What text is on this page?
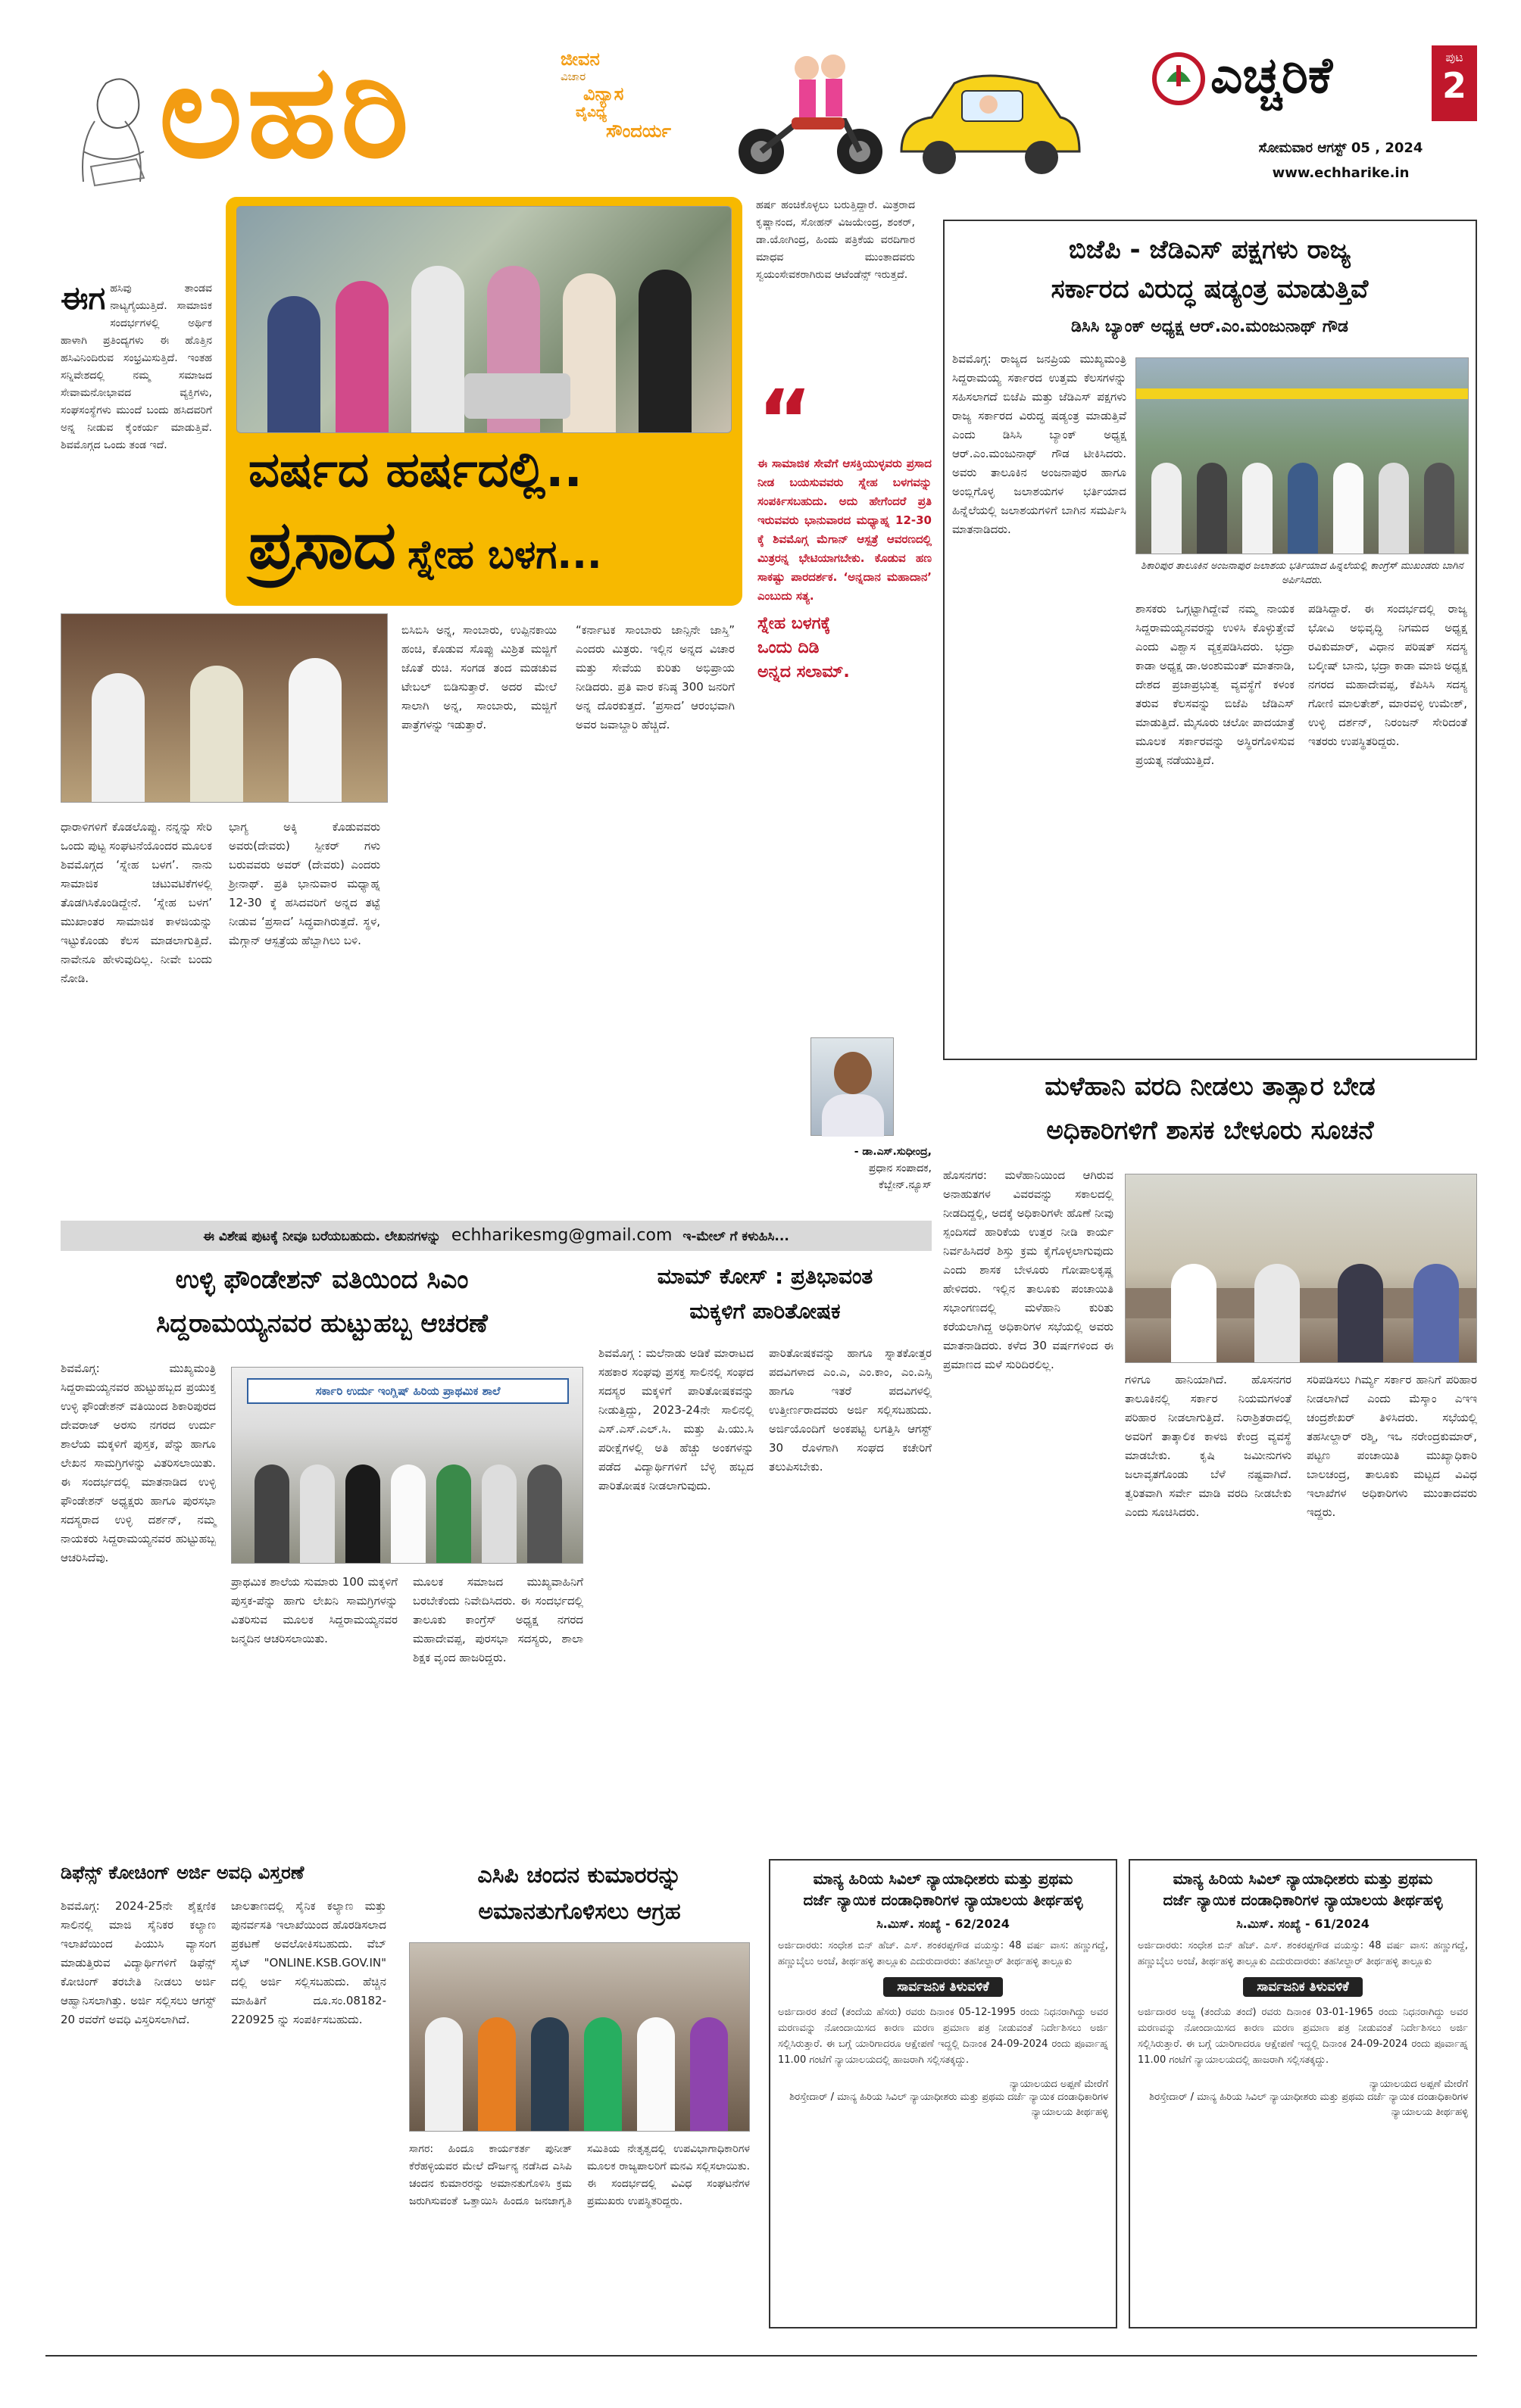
ಲಹರಿ	ಜೀವನ
ವಿಚಾರ
ವಿನ್ಯಾಸ
ವೈವಿಧ್ಯ
ಸೌಂದರ್ಯ
ಎಚ್ಚರಿಕೆ	ಪುಟ
2
ಸೋಮವಾರ ಆಗಸ್ಟ್ 05 , 2024
www.echharike.in
ವರ್ಷದ ಹರ್ಷದಲ್ಲಿ..
ಪ್ರಸಾದ ಸ್ನೇಹ ಬಳಗ...
ಈಗ ಹಸಿವು ತಾಂಡವ ನಾಟ್ಯಗೈಯುತ್ತಿದೆ. ಸಾಮಾಜಿಕ ಸಂದರ್ಭಗಳಲ್ಲಿ ಅರ್ಥಿಕ ಹಾಳಾಗಿ ಪ್ರತಿಂದ್ಯಗಳು ಈ ಹೊತ್ತಿನ ಹಸಿವಿನಿಂದಿರುವ ಸಂಭ್ರಮಿಸುತ್ತಿದೆ. ಇಂತಹ ಸನ್ನಿವೇಶದಲ್ಲಿ ನಮ್ಮ ಸಮಾಜದ ಸೇವಾಮನೋಭಾವದ ವ್ಯಕ್ತಿಗಳು, ಸಂಘಸಂಸ್ಥೆಗಳು ಮುಂದೆ ಬಂದು ಹಸಿದವರಿಗೆ ಅನ್ನ ನೀಡುವ ಕೈಂಕರ್ಯ ಮಾಡುತ್ತಿವೆ. ಶಿವಮೊಗ್ಗದ ಒಂದು ತಂಡ ಇದೆ.
ಹರ್ಷ ಹಂಚಿಕೊಳ್ಳಲು ಬರುತ್ತಿದ್ದಾರೆ. ಮಿತ್ರರಾದ ಕೃಷ್ಣಾನಂದ, ಸೋಹನ್ ವಿಜಯೇಂದ್ರ, ಶಂಕರ್, ಡಾ.ಯೋಗಿಂದ್ರ, ಹಿಂದು ಪತ್ರಿಕೆಯ ವರದಿಗಾರ ಮಾಧವ ಮುಂತಾದವರು ಸ್ವಯಂಸೇವಕರಾಗಿರುವ ಆಟೆಂಡೆನ್ಸ್ ಇರುತ್ತದೆ.
“
ಈ ಸಾಮಾಜಿಕ ಸೇವೆಗೆ ಆಸಕ್ತಿಯುಳ್ಳವರು ಪ್ರಸಾದ ನೀಡ ಬಯಸುವವರು ಸ್ನೇಹ ಬಳಗವನ್ನು ಸಂಪರ್ಕಿಸಬಹುದು. ಅದು ಹೇಗೆಂದರೆ ಪ್ರತಿ ಇರುವವರು ಭಾನುವಾರದ ಮಧ್ಯಾಹ್ನ 12-30 ಕ್ಕೆ ಶಿವಮೊಗ್ಗ ಮೆಗಾನ್ ಆಸ್ಪತ್ರೆ ಆವರಣದಲ್ಲಿ ಮಿತ್ರರನ್ನ ಭೇಟಿಯಾಗಬೇಕು. ಕೊಡುವ ಹಣ ಸಾಕಷ್ಟು ಪಾರದರ್ಶಕ. ‘ಅನ್ನದಾನ ಮಹಾದಾನ’ ಎಂಬುದು ಸತ್ಯ.
ಸ್ನೇಹ ಬಳಗಕ್ಕೆ
ಒಂದು ದಿಡಿ
ಅನ್ನದ ಸಲಾಮ್.
ಧಾರಾಳಿಗಳಿಗೆ ಕೊಡಲೊಪ್ಪು. ನನ್ನನ್ನು ಸೇರಿ ಒಂದು ಪುಟ್ಟ ಸಂಘಟನೆಯೊಂದರ ಮೂಲಕ ಶಿವಮೊಗ್ಗದ ‘ಸ್ನೇಹ ಬಳಗ’. ನಾನು ಸಾಮಾಜಿಕ ಚಟುವಟಿಕೆಗಳಲ್ಲಿ ತೊಡಗಿಸಿಕೊಂಡಿದ್ದೇನೆ. ‘ಸ್ನೇಹ ಬಳಗ’ ಮುಖಾಂತರ ಸಾಮಾಜಿಕ ಕಾಳಜಿಯನ್ನು ಇಟ್ಟುಕೊಂಡು ಕೆಲಸ ಮಾಡಲಾಗುತ್ತಿದೆ. ನಾವೇನೂ ಹೇಳುವುದಿಲ್ಲ. ನೀವೇ ಬಂದು ನೋಡಿ.
ಭಾಗ್ಯ ಅಕ್ಕಿ ಕೊಡುವವರು ಅವರು(ದೇವರು) ಸ್ಪೀಕರ್ ಗಳು ಬರುವವರು ಅವರ್ (ದೇವರು) ಎಂದರು ಶ್ರೀನಾಥ್. ಪ್ರತಿ ಭಾನುವಾರ ಮಧ್ಯಾಹ್ನ 12-30 ಕ್ಕೆ ಹಸಿದವರಿಗೆ ಅನ್ನದ ತಟ್ಟೆ ನೀಡುವ ‘ಪ್ರಸಾದ’ ಸಿದ್ಧವಾಗಿರುತ್ತದೆ. ಸ್ಥಳ, ಮೆಗ್ಗಾನ್ ಆಸ್ಪತ್ರೆಯ ಹೆಬ್ಬಾಗಿಲು ಬಳಿ.
ಬಿಸಿಬಿಸಿ ಅನ್ನ, ಸಾಂಬಾರು, ಉಪ್ಪಿನಕಾಯಿ ಹಂಚಿ, ಕೊಡುವ ಸೊಪ್ಪು ಮಿಶ್ರಿತ ಮಜ್ಜಿಗೆ ಜೊತೆ ರುಚಿ. ಸಂಗಡ ತಂದ ಮಡಚುವ ಟೇಬಲ್ ಬಿಡಿಸುತ್ತಾರೆ. ಅದರ ಮೇಲೆ ಸಾಲಾಗಿ ಅನ್ನ, ಸಾಂಬಾರು, ಮಜ್ಜಿಗೆ ಪಾತ್ರೆಗಳನ್ನು ಇಡುತ್ತಾರೆ.
“ಕರ್ನಾಟಕ ಸಾಂಬಾರು ಜಾನ್ಸಿನೇ ಜಾಸ್ತಿ” ಎಂದರು ಮಿತ್ರರು. ಇಲ್ಲಿನ ಅನ್ನದ ವಿಚಾರ ಮತ್ತು ಸೇವೆಯ ಕುರಿತು ಅಭಿಪ್ರಾಯ ನೀಡಿದರು. ಪ್ರತಿ ವಾರ ಕನಿಷ್ಠ 300 ಜನರಿಗೆ ಅನ್ನ ದೊರಕುತ್ತದೆ. ‘ಪ್ರಸಾದ’ ಆರಂಭವಾಗಿ ಅವರ ಜವಾಬ್ದಾರಿ ಹೆಚ್ಚಿದೆ.
- ಡಾ.ಎಸ್.ಸುಧೀಂದ್ರ,
ಪ್ರಧಾನ ಸಂಪಾದಕ,
ಕೆಬ್ಬೇನ್.ನ್ಯೂಸ್
ಬಿಜೆಪಿ - ಜೆಡಿಎಸ್ ಪಕ್ಷಗಳು ರಾಜ್ಯ
ಸರ್ಕಾರದ ವಿರುದ್ಧ ಷಡ್ಯಂತ್ರ ಮಾಡುತ್ತಿವೆ
ಡಿಸಿಸಿ ಬ್ಯಾಂಕ್ ಅಧ್ಯಕ್ಷ ಆರ್.ಎಂ.ಮಂಜುನಾಥ್ ಗೌಡ
ಶಿವಮೊಗ್ಗ: ರಾಜ್ಯದ ಜನಪ್ರಿಯ ಮುಖ್ಯಮಂತ್ರಿ ಸಿದ್ದರಾಮಯ್ಯ ಸರ್ಕಾರದ ಉತ್ತಮ ಕೆಲಸಗಳನ್ನು ಸಹಿಸಲಾಗದೆ ಬಿಜೆಪಿ ಮತ್ತು ಜೆಡಿಎಸ್ ಪಕ್ಷಗಳು ರಾಜ್ಯ ಸರ್ಕಾರದ ವಿರುದ್ಧ ಷಡ್ಯಂತ್ರ ಮಾಡುತ್ತಿವೆ ಎಂದು ಡಿಸಿಸಿ ಬ್ಯಾಂಕ್ ಅಧ್ಯಕ್ಷ ಆರ್.ಎಂ.ಮಂಜುನಾಥ್ ಗೌಡ ಟೀಕಿಸಿದರು. ಅವರು ತಾಲೂಕಿನ ಅಂಜನಾಪುರ ಹಾಗೂ ಅಂಬ್ಲಿಗೊಳ್ಳ ಜಲಾಶಯಗಳ ಭರ್ತಿಯಾದ ಹಿನ್ನೆಲೆಯಲ್ಲಿ ಜಲಾಶಯಗಳಿಗೆ ಬಾಗಿನ ಸಮರ್ಪಿಸಿ ಮಾತನಾಡಿದರು.
ಶಿಕಾರಿಪುರ ತಾಲೂಕಿನ ಅಂಜನಾಪುರ ಜಲಾಶಯ ಭರ್ತಿಯಾದ ಹಿನ್ನಲೆಯಲ್ಲಿ ಕಾಂಗ್ರೆಸ್ ಮುಖಂಡರು ಬಾಗಿನ ಅರ್ಪಿಸಿದರು.
ಶಾಸಕರು ಒಗ್ಗಟ್ಟಾಗಿದ್ದೇವೆ ನಮ್ಮ ನಾಯಕ ಸಿದ್ದರಾಮಯ್ಯನವರನ್ನು ಉಳಿಸಿ ಕೊಳ್ಳುತ್ತೇವೆ ಎಂದು ವಿಶ್ವಾಸ ವ್ಯಕ್ತಪಡಿಸಿದರು. ಭದ್ರಾ ಕಾಡಾ ಅಧ್ಯಕ್ಷ ಡಾ.ಅಂಶುಮಂತ್ ಮಾತನಾಡಿ, ದೇಶದ ಪ್ರಜಾಪ್ರಭುತ್ವ ವ್ಯವಸ್ಥೆಗೆ ಕಳಂಕ ತರುವ ಕೆಲಸವನ್ನು ಬಿಜೆಪಿ ಜೆಡಿಎಸ್ ಮಾಡುತ್ತಿದೆ. ಮೈಸೂರು ಚಲೋ ಪಾದಯಾತ್ರೆ ಮೂಲಕ ಸರ್ಕಾರವನ್ನು ಅಸ್ಥಿರಗೊಳಿಸುವ ಪ್ರಯತ್ನ ನಡೆಯುತ್ತಿದೆ.
ಪಡಿಸಿದ್ದಾರೆ. ಈ ಸಂದರ್ಭದಲ್ಲಿ ರಾಜ್ಯ ಭೋವಿ ಅಭಿವೃದ್ಧಿ ನಿಗಮದ ಅಧ್ಯಕ್ಷ ರವಿಕುಮಾರ್, ವಿಧಾನ ಪರಿಷತ್ ಸದಸ್ಯ ಬಲ್ಕೀಷ್ ಬಾನು, ಭದ್ರಾ ಕಾಡಾ ಮಾಜಿ ಅಧ್ಯಕ್ಷ ನಗರದ ಮಹಾದೇವಪ್ಪ, ಕೆಪಿಸಿಸಿ ಸದಸ್ಯ ಗೋಣಿ ಮಾಲತೇಶ್, ಮಾರವಳ್ಳಿ ಉಮೇಶ್, ಉಳ್ಳಿ ದರ್ಶನ್, ನಿರಂಜನ್ ಸೇರಿದಂತೆ ಇತರರು ಉಪಸ್ಥಿತರಿದ್ದರು.
ಮಳೆಹಾನಿ ವರದಿ ನೀಡಲು ತಾತ್ಸಾರ ಬೇಡ
ಅಧಿಕಾರಿಗಳಿಗೆ ಶಾಸಕ ಬೇಳೂರು ಸೂಚನೆ
ಹೊಸನಗರ: ಮಳೆಹಾನಿಯಿಂದ ಆಗಿರುವ ಅನಾಹುತಗಳ ವಿವರವನ್ನು ಸಕಾಲದಲ್ಲಿ ನೀಡದಿದ್ದಲ್ಲಿ, ಅದಕ್ಕೆ ಅಧಿಕಾರಿಗಳೇ ಹೊಣೆ ನೀವು ಸ್ಪಂದಿಸದೆ ಹಾರಿಕೆಯ ಉತ್ತರ ನೀಡಿ ಕಾರ್ಯ ನಿರ್ವಹಿಸಿದರೆ ಶಿಸ್ತು ಕ್ರಮ ಕೈಗೊಳ್ಳಲಾಗುವುದು ಎಂದು ಶಾಸಕ ಬೇಳೂರು ಗೋಪಾಲಕೃಷ್ಣ ಹೇಳಿದರು. ಇಲ್ಲಿನ ತಾಲೂಕು ಪಂಚಾಯಿತಿ ಸಭಾಂಗಣದಲ್ಲಿ ಮಳೆಹಾನಿ ಕುರಿತು ಕರೆಯಲಾಗಿದ್ದ ಅಧಿಕಾರಿಗಳ ಸಭೆಯಲ್ಲಿ ಅವರು ಮಾತನಾಡಿದರು. ಕಳೆದ 30 ವರ್ಷಗಳಿಂದ ಈ ಪ್ರಮಾಣದ ಮಳೆ ಸುರಿದಿರಲಿಲ್ಲ.
ಗಳಿಗೂ ಹಾನಿಯಾಗಿದೆ. ಹೊಸನಗರ ತಾಲೂಕಿನಲ್ಲಿ ಸರ್ಕಾರ ನಿಯಮಗಳಂತೆ ಪರಿಹಾರ ನೀಡಲಾಗುತ್ತಿದೆ. ನಿರಾಶ್ರಿತರಾದಲ್ಲಿ ಅವರಿಗೆ ತಾತ್ಕಾಲಿಕ ಕಾಳಜಿ ಕೇಂದ್ರ ವ್ಯವಸ್ಥೆ ಮಾಡಬೇಕು. ಕೃಷಿ ಜಮೀನುಗಳು ಜಲಾವೃತಗೊಂಡು ಬೆಳೆ ನಷ್ಟವಾಗಿದೆ. ತ್ವರಿತವಾಗಿ ಸರ್ವೇ ಮಾಡಿ ವರದಿ ನೀಡಬೇಕು ಎಂದು ಸೂಚಿಸಿದರು.
ಸರಿಪಡಿಸಲು ಗಿರ್ಮ್ಯ ಸರ್ಕಾರ ಹಾನಿಗೆ ಪರಿಹಾರ ನೀಡಲಾಗಿದೆ ಎಂದು ಮೆಸ್ಕಾಂ ಎಇಇ ಚಂದ್ರಶೇಖರ್ ತಿಳಿಸಿದರು. ಸಭೆಯಲ್ಲಿ ತಹಸೀಲ್ದಾರ್ ರಶ್ಮಿ, ಇಒ ನರೇಂದ್ರಕುಮಾರ್, ಪಟ್ಟಣ ಪಂಚಾಯಿತಿ ಮುಖ್ಯಾಧಿಕಾರಿ ಬಾಲಚಂದ್ರ, ತಾಲೂಕು ಮಟ್ಟದ ವಿವಿಧ ಇಲಾಖೆಗಳ ಅಧಿಕಾರಿಗಳು ಮುಂತಾದವರು ಇದ್ದರು.
ಈ ವಿಶೇಷ ಪುಟಕ್ಕೆ ನೀವೂ ಬರೆಯಬಹುದು. ಲೇಖನಗಳನ್ನು echharikesmg@gmail.com ಇ-ಮೇಲ್ ಗೆ ಕಳುಹಿಸಿ...
ಉಳ್ಳಿ ಫೌಂಡೇಶನ್ ವತಿಯಿಂದ ಸಿಎಂ
ಸಿದ್ದರಾಮಯ್ಯನವರ ಹುಟ್ಟುಹಬ್ಬ ಆಚರಣೆ
ಶಿವಮೊಗ್ಗ: ಮುಖ್ಯಮಂತ್ರಿ ಸಿದ್ದರಾಮಯ್ಯನವರ ಹುಟ್ಟುಹಬ್ಬದ ಪ್ರಯುಕ್ತ ಉಳ್ಳಿ ಫೌಂಡೇಶನ್ ವತಿಯಿಂದ ಶಿಕಾರಿಪುರದ ದೇವರಾಜ್ ಅರಸು ನಗರದ ಉರ್ದು ಶಾಲೆಯ ಮಕ್ಕಳಿಗೆ ಪುಸ್ತಕ, ಪೆನ್ನು ಹಾಗೂ ಲೇಖನ ಸಾಮಗ್ರಿಗಳನ್ನು ವಿತರಿಸಲಾಯಿತು. ಈ ಸಂದರ್ಭದಲ್ಲಿ ಮಾತನಾಡಿದ ಉಳ್ಳಿ ಫೌಂಡೇಶನ್ ಅಧ್ಯಕ್ಷರು ಹಾಗೂ ಪುರಸಭಾ ಸದಸ್ಯರಾದ ಉಳ್ಳಿ ದರ್ಶನ್, ನಮ್ಮ ನಾಯಕರು ಸಿದ್ದರಾಮಯ್ಯನವರ ಹುಟ್ಟುಹಬ್ಬ ಆಚರಿಸಿದೆವು.
ಸರ್ಕಾರಿ ಉರ್ದು ಇಂಗ್ಲಿಷ್ ಹಿರಿಯ ಪ್ರಾಥಮಿಕ ಶಾಲೆ
ಪ್ರಾಥಮಿಕ ಶಾಲೆಯ ಸುಮಾರು 100 ಮಕ್ಕಳಿಗೆ ಪುಸ್ತಕ-ಪೆನ್ನು ಹಾಗು ಲೇಖನಿ ಸಾಮಗ್ರಿಗಳನ್ನು ವಿತರಿಸುವ ಮೂಲಕ ಸಿದ್ದರಾಮಯ್ಯನವರ ಜನ್ಮದಿನ ಆಚರಿಸಲಾಯಿತು.
ಮೂಲಕ ಸಮಾಜದ ಮುಖ್ಯವಾಹಿನಿಗೆ ಬರಬೇಕೆಂದು ನಿವೇದಿಸಿದರು. ಈ ಸಂದರ್ಭದಲ್ಲಿ ತಾಲೂಕು ಕಾಂಗ್ರೆಸ್ ಅಧ್ಯಕ್ಷ ನಗರದ ಮಹಾದೇವಪ್ಪ, ಪುರಸಭಾ ಸದಸ್ಯರು, ಶಾಲಾ ಶಿಕ್ಷಕ ವೃಂದ ಹಾಜರಿದ್ದರು.
ಮಾಮ್ ಕೋಸ್ : ಪ್ರತಿಭಾವಂತ
ಮಕ್ಕಳಿಗೆ ಪಾರಿತೋಷಕ
ಶಿವಮೊಗ್ಗ : ಮಲೆನಾಡು ಅಡಿಕೆ ಮಾರಾಟದ ಸಹಕಾರ ಸಂಘವು ಪ್ರಸಕ್ತ ಸಾಲಿನಲ್ಲಿ ಸಂಘದ ಸದಸ್ಯರ ಮಕ್ಕಳಿಗೆ ಪಾರಿತೋಷಕವನ್ನು ನೀಡುತ್ತಿದ್ದು, 2023-24ನೇ ಸಾಲಿನಲ್ಲಿ ಎಸ್.ಎಸ್.ಎಲ್.ಸಿ. ಮತ್ತು ಪಿ.ಯು.ಸಿ ಪರೀಕ್ಷೆಗಳಲ್ಲಿ ಅತಿ ಹೆಚ್ಚು ಅಂಕಗಳನ್ನು ಪಡೆದ ವಿದ್ಯಾರ್ಥಿಗಳಿಗೆ ಬೆಳ್ಳಿ ಹಬ್ಬದ ಪಾರಿತೋಷಕ ನೀಡಲಾಗುವುದು.
ಪಾರಿತೋಷಕವನ್ನು ಹಾಗೂ ಸ್ನಾತಕೋತ್ತರ ಪದವಿಗಳಾದ ಎಂ.ಎ, ಎಂ.ಕಾಂ, ಎಂ.ಎಸ್ಸಿ ಹಾಗೂ ಇತರೆ ಪದವಿಗಳಲ್ಲಿ ಉತ್ತೀರ್ಣರಾದವರು ಅರ್ಜಿ ಸಲ್ಲಿಸಬಹುದು. ಅರ್ಜಿಯೊಂದಿಗೆ ಅಂಕಪಟ್ಟಿ ಲಗತ್ತಿಸಿ ಆಗಸ್ಟ್ 30 ರೊಳಗಾಗಿ ಸಂಘದ ಕಚೇರಿಗೆ ತಲುಪಿಸಬೇಕು.
ಡಿಫೆನ್ಸ್ ಕೋಚಿಂಗ್ ಅರ್ಜಿ ಅವಧಿ ವಿಸ್ತರಣೆ
ಶಿವಮೊಗ್ಗ: 2024-25ನೇ ಶೈಕ್ಷಣಿಕ ಸಾಲಿನಲ್ಲಿ ಮಾಜಿ ಸೈನಿಕರ ಕಲ್ಯಾಣ ಇಲಾಖೆಯಿಂದ ಪಿಯುಸಿ ವ್ಯಾಸಂಗ ಮಾಡುತ್ತಿರುವ ವಿದ್ಯಾರ್ಥಿಗಳಿಗೆ ಡಿಫೆನ್ಸ್ ಕೋಚಿಂಗ್ ತರಬೇತಿ ನೀಡಲು ಅರ್ಜಿ ಆಹ್ವಾನಿಸಲಾಗಿತ್ತು. ಅರ್ಜಿ ಸಲ್ಲಿಸಲು ಆಗಸ್ಟ್ 20 ರವರೆಗೆ ಅವಧಿ ವಿಸ್ತರಿಸಲಾಗಿದೆ.
ಜಾಲತಾಣದಲ್ಲಿ ಸೈನಿಕ ಕಲ್ಯಾಣ ಮತ್ತು ಪುನರ್ವಸತಿ ಇಲಾಖೆಯಿಂದ ಹೊರಡಿಸಲಾದ ಪ್ರಕಟಣೆ ಅವಲೋಕಿಸಬಹುದು. ವೆಬ್ ಸೈಟ್ "ONLINE.KSB.GOV.IN" ದಲ್ಲಿ ಅರ್ಜಿ ಸಲ್ಲಿಸಬಹುದು. ಹೆಚ್ಚಿನ ಮಾಹಿತಿಗೆ ದೂ.ಸಂ.08182-220925 ನ್ನು ಸಂಪರ್ಕಿಸಬಹುದು.
ಎಸಿಪಿ ಚಂದನ ಕುಮಾರರನ್ನು
ಅಮಾನತುಗೊಳಿಸಲು ಆಗ್ರಹ
ಸಾಗರ: ಹಿಂದೂ ಕಾರ್ಯಕರ್ತ ಪುನೀತ್ ಕೆರೆಹಳ್ಳಿಯವರ ಮೇಲೆ ದೌರ್ಜನ್ಯ ನಡೆಸಿದ ಎಸಿಪಿ ಚಂದನ ಕುಮಾರರನ್ನು ಅಮಾನತುಗೊಳಿಸಿ ಕ್ರಮ ಜರುಗಿಸುವಂತೆ ಒತ್ತಾಯಿಸಿ ಹಿಂದೂ ಜನಜಾಗೃತಿ ಸಮಿತಿಯ ನೇತೃತ್ವದಲ್ಲಿ ಉಪವಿಭಾಗಾಧಿಕಾರಿಗಳ ಮೂಲಕ ರಾಜ್ಯಪಾಲರಿಗೆ ಮನವಿ ಸಲ್ಲಿಸಲಾಯಿತು. ಈ ಸಂದರ್ಭದಲ್ಲಿ ವಿವಿಧ ಸಂಘಟನೆಗಳ ಪ್ರಮುಖರು ಉಪಸ್ಥಿತರಿದ್ದರು.
ಮಾನ್ಯ ಹಿರಿಯ ಸಿವಿಲ್ ನ್ಯಾಯಾಧೀಶರು ಮತ್ತು ಪ್ರಥಮ
ದರ್ಜೆ ನ್ಯಾಯಿಕ ದಂಡಾಧಿಕಾರಿಗಳ ನ್ಯಾಯಾಲಯ ತೀರ್ಥಹಳ್ಳಿ
ಸಿ.ಮಿಸ್. ಸಂಖ್ಯೆ - 62/2024
ಅರ್ಜಿದಾರರು: ಸಂಧೇಶ ಬಿನ್ ಹೆಚ್. ಎಸ್. ಶಂಕರಪ್ಪಗೌಡ ವಯಸ್ಸು: 48 ವರ್ಷ ವಾಸ: ಹಣ್ಣುಗದ್ದೆ, ಹಣ್ಣುಬೈಲು ಅಂಚೆ, ತೀರ್ಥಹಳ್ಳಿ ತಾಲ್ಲೂಕು ಎದುರುದಾರರು: ತಹಸೀಲ್ದಾರ್ ತೀರ್ಥಹಳ್ಳಿ ತಾಲ್ಲೂಕು
ಸಾರ್ವಜನಿಕ ತಿಳುವಳಿಕೆ
ಅರ್ಜಿದಾರರ ತಂದೆ (ತಂದೆಯ ಹೆಸರು) ರವರು ದಿನಾಂಕ 05-12-1995 ರಂದು ನಿಧನರಾಗಿದ್ದು ಅವರ ಮರಣವನ್ನು ನೋಂದಾಯಿಸದ ಕಾರಣ ಮರಣ ಪ್ರಮಾಣ ಪತ್ರ ನೀಡುವಂತೆ ನಿರ್ದೇಶಿಸಲು ಅರ್ಜಿ ಸಲ್ಲಿಸಿರುತ್ತಾರೆ. ಈ ಬಗ್ಗೆ ಯಾರಿಗಾದರೂ ಆಕ್ಷೇಪಣೆ ಇದ್ದಲ್ಲಿ ದಿನಾಂಕ 24-09-2024 ರಂದು ಪೂರ್ವಾಹ್ನ 11.00 ಗಂಟೆಗೆ ನ್ಯಾಯಾಲಯದಲ್ಲಿ ಹಾಜರಾಗಿ ಸಲ್ಲಿಸತಕ್ಕದ್ದು.
ನ್ಯಾಯಾಲಯದ ಅಪ್ಪಣೆ ಮೇರೆಗೆ
ಶಿರಸ್ತೇದಾರ್ / ಮಾನ್ಯ ಹಿರಿಯ ಸಿವಿಲ್ ನ್ಯಾಯಾಧೀಶರು ಮತ್ತು ಪ್ರಥಮ ದರ್ಜೆ ನ್ಯಾಯಿಕ ದಂಡಾಧಿಕಾರಿಗಳ ನ್ಯಾಯಾಲಯ ತೀರ್ಥಹಳ್ಳಿ
ಮಾನ್ಯ ಹಿರಿಯ ಸಿವಿಲ್ ನ್ಯಾಯಾಧೀಶರು ಮತ್ತು ಪ್ರಥಮ
ದರ್ಜೆ ನ್ಯಾಯಿಕ ದಂಡಾಧಿಕಾರಿಗಳ ನ್ಯಾಯಾಲಯ ತೀರ್ಥಹಳ್ಳಿ
ಸಿ.ಮಿಸ್. ಸಂಖ್ಯೆ - 61/2024
ಅರ್ಜಿದಾರರು: ಸಂಧೇಶ ಬಿನ್ ಹೆಚ್. ಎಸ್. ಶಂಕರಪ್ಪಗೌಡ ವಯಸ್ಸು: 48 ವರ್ಷ ವಾಸ: ಹಣ್ಣುಗದ್ದೆ, ಹಣ್ಣುಬೈಲು ಅಂಚೆ, ತೀರ್ಥಹಳ್ಳಿ ತಾಲ್ಲೂಕು ಎದುರುದಾರರು: ತಹಸೀಲ್ದಾರ್ ತೀರ್ಥಹಳ್ಳಿ ತಾಲ್ಲೂಕು
ಸಾರ್ವಜನಿಕ ತಿಳುವಳಿಕೆ
ಅರ್ಜಿದಾರರ ಅಜ್ಜ (ತಂದೆಯ ತಂದೆ) ರವರು ದಿನಾಂಕ 03-01-1965 ರಂದು ನಿಧನರಾಗಿದ್ದು ಅವರ ಮರಣವನ್ನು ನೋಂದಾಯಿಸದ ಕಾರಣ ಮರಣ ಪ್ರಮಾಣ ಪತ್ರ ನೀಡುವಂತೆ ನಿರ್ದೇಶಿಸಲು ಅರ್ಜಿ ಸಲ್ಲಿಸಿರುತ್ತಾರೆ. ಈ ಬಗ್ಗೆ ಯಾರಿಗಾದರೂ ಆಕ್ಷೇಪಣೆ ಇದ್ದಲ್ಲಿ ದಿನಾಂಕ 24-09-2024 ರಂದು ಪೂರ್ವಾಹ್ನ 11.00 ಗಂಟೆಗೆ ನ್ಯಾಯಾಲಯದಲ್ಲಿ ಹಾಜರಾಗಿ ಸಲ್ಲಿಸತಕ್ಕದ್ದು.
ನ್ಯಾಯಾಲಯದ ಅಪ್ಪಣೆ ಮೇರೆಗೆ
ಶಿರಸ್ತೇದಾರ್ / ಮಾನ್ಯ ಹಿರಿಯ ಸಿವಿಲ್ ನ್ಯಾಯಾಧೀಶರು ಮತ್ತು ಪ್ರಥಮ ದರ್ಜೆ ನ್ಯಾಯಿಕ ದಂಡಾಧಿಕಾರಿಗಳ ನ್ಯಾಯಾಲಯ ತೀರ್ಥಹಳ್ಳಿ
